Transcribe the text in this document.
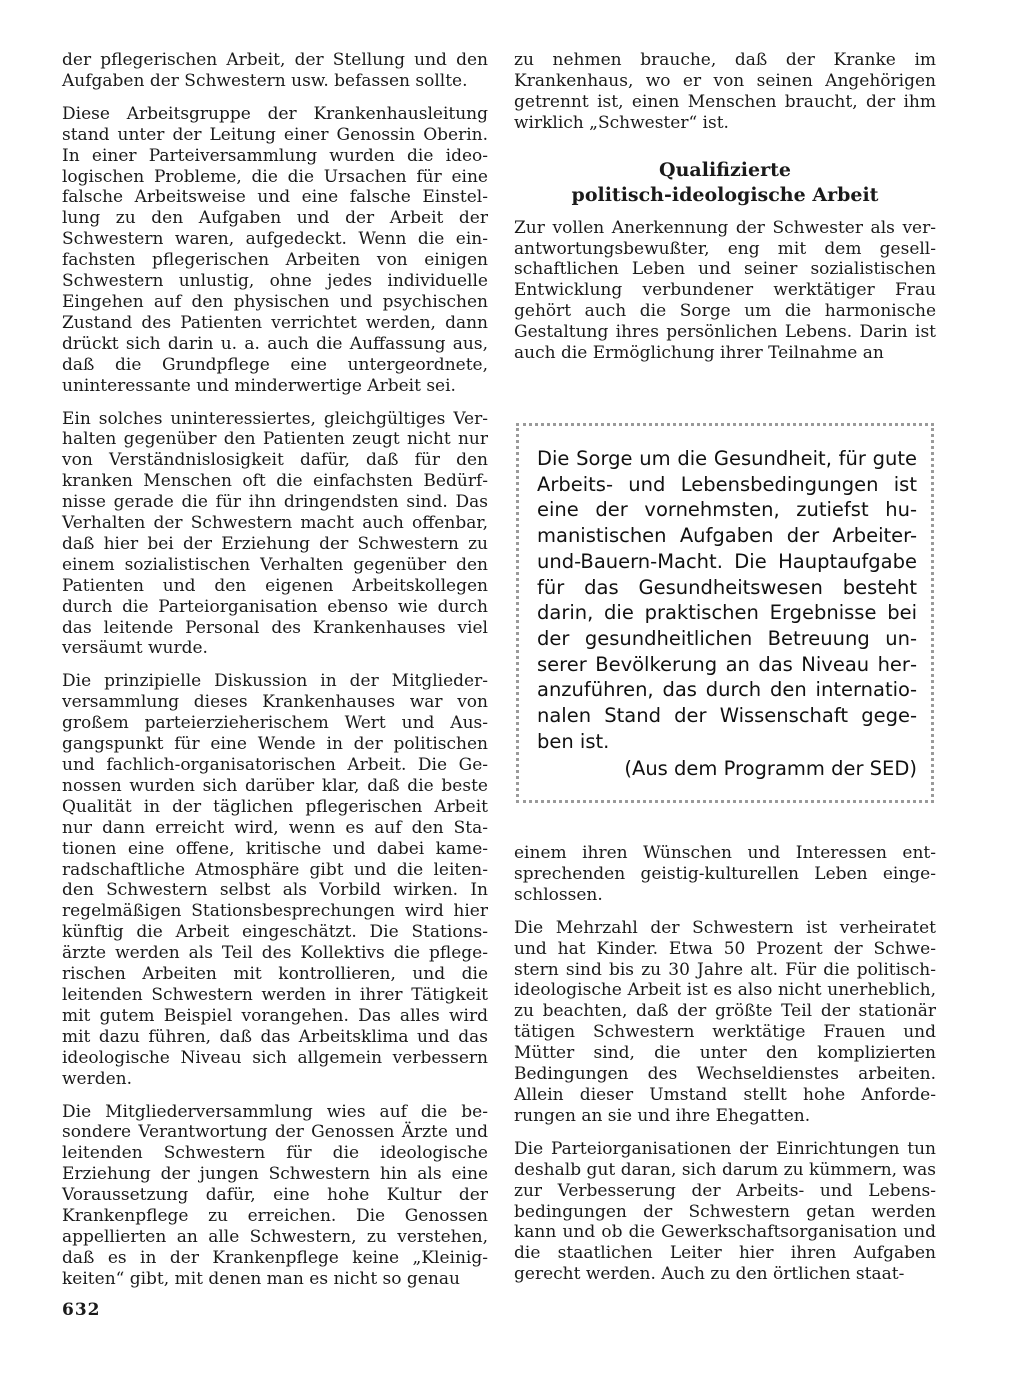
der pflegerischen Arbeit, der Stellung und den Aufgaben der Schwestern usw. befassen sollte.

Diese Arbeitsgruppe der Krankenhausleitung stand unter der Leitung einer Genossin Oberin. In einer Parteiversammlung wurden die ideologischen Probleme, die die Ursachen für eine falsche Arbeitsweise und eine falsche Einstellung zu den Aufgaben und der Arbeit der Schwestern waren, aufgedeckt. Wenn die einfachsten pflegerischen Arbeiten von einigen Schwestern unlustig, ohne jedes individuelle Eingehen auf den physischen und psychischen Zustand des Patienten verrichtet werden, dann drückt sich darin u. a. auch die Auffassung aus, daß die Grundpflege eine untergeordnete, uninteressante und minderwertige Arbeit sei.

Ein solches uninteressiertes, gleichgültiges Verhalten gegenüber den Patienten zeugt nicht nur von Verständnislosigkeit dafür, daß für den kranken Menschen oft die einfachsten Bedürfnisse gerade die für ihn dringendsten sind. Das Verhalten der Schwestern macht auch offenbar, daß hier bei der Erziehung der Schwestern zu einem sozialistischen Verhalten gegenüber den Patienten und den eigenen Arbeitskollegen durch die Parteiorganisation ebenso wie durch das leitende Personal des Krankenhauses viel versäumt wurde.

Die prinzipielle Diskussion in der Mitgliederversammlung dieses Krankenhauses war von großem parteierzieherischem Wert und Ausgangspunkt für eine Wende in der politischen und fachlich-organisatorischen Arbeit. Die Genossen wurden sich darüber klar, daß die beste Qualität in der täglichen pflegerischen Arbeit nur dann erreicht wird, wenn es auf den Stationen eine offene, kritische und dabei kameradschaftliche Atmosphäre gibt und die leitenden Schwestern selbst als Vorbild wirken. In regelmäßigen Stationsbesprechungen wird hier künftig die Arbeit eingeschätzt. Die Stationsärzte werden als Teil des Kollektivs die pflegerischen Arbeiten mit kontrollieren, und die leitenden Schwestern werden in ihrer Tätigkeit mit gutem Beispiel vorangehen. Das alles wird mit dazu führen, daß das Arbeitsklima und das ideologische Niveau sich allgemein verbessern werden.

Die Mitgliederversammlung wies auf die besondere Verantwortung der Genossen Ärzte und leitenden Schwestern für die ideologische Erziehung der jungen Schwestern hin als eine Voraussetzung dafür, eine hohe Kultur der Krankenpflege zu erreichen. Die Genossen appellierten an alle Schwestern, zu verstehen, daß es in der Krankenpflege keine „Kleinigkeiten“ gibt, mit denen man es nicht so genau

zu nehmen brauche, daß der Kranke im Krankenhaus, wo er von seinen Angehörigen getrennt ist, einen Menschen braucht, der ihm wirklich „Schwester“ ist.

Qualifizierte
politisch-ideologische Arbeit

Zur vollen Anerkennung der Schwester als verantwortungsbewußter, eng mit dem gesellschaftlichen Leben und seiner sozialistischen Entwicklung verbundener werktätiger Frau gehört auch die Sorge um die harmonische Gestaltung ihres persönlichen Lebens. Darin ist auch die Ermöglichung ihrer Teilnahme an

Die Sorge um die Gesundheit, für gute Arbeits- und Lebensbedingungen ist eine der vornehmsten, zutiefst humanistischen Aufgaben der Arbeiter-und-Bauern-Macht. Die Hauptaufgabe für das Gesundheitswesen besteht darin, die praktischen Ergebnisse bei der gesundheitlichen Betreuung unserer Bevölkerung an das Niveau heranzuführen, das durch den internationalen Stand der Wissenschaft gegeben ist.

(Aus dem Programm der SED)

einem ihren Wünschen und Interessen entsprechenden geistig-kulturellen Leben eingeschlossen.

Die Mehrzahl der Schwestern ist verheiratet und hat Kinder. Etwa 50 Prozent der Schwestern sind bis zu 30 Jahre alt. Für die politisch-ideologische Arbeit ist es also nicht unerheblich, zu beachten, daß der größte Teil der stationär tätigen Schwestern werktätige Frauen und Mütter sind, die unter den komplizierten Bedingungen des Wechseldienstes arbeiten. Allein dieser Umstand stellt hohe Anforderungen an sie und ihre Ehegatten.

Die Parteiorganisationen der Einrichtungen tun deshalb gut daran, sich darum zu kümmern, was zur Verbesserung der Arbeits- und Lebensbedingungen der Schwestern getan werden kann und ob die Gewerkschaftsorganisation und die staatlichen Leiter hier ihren Aufgaben gerecht werden. Auch zu den örtlichen staat-

632
